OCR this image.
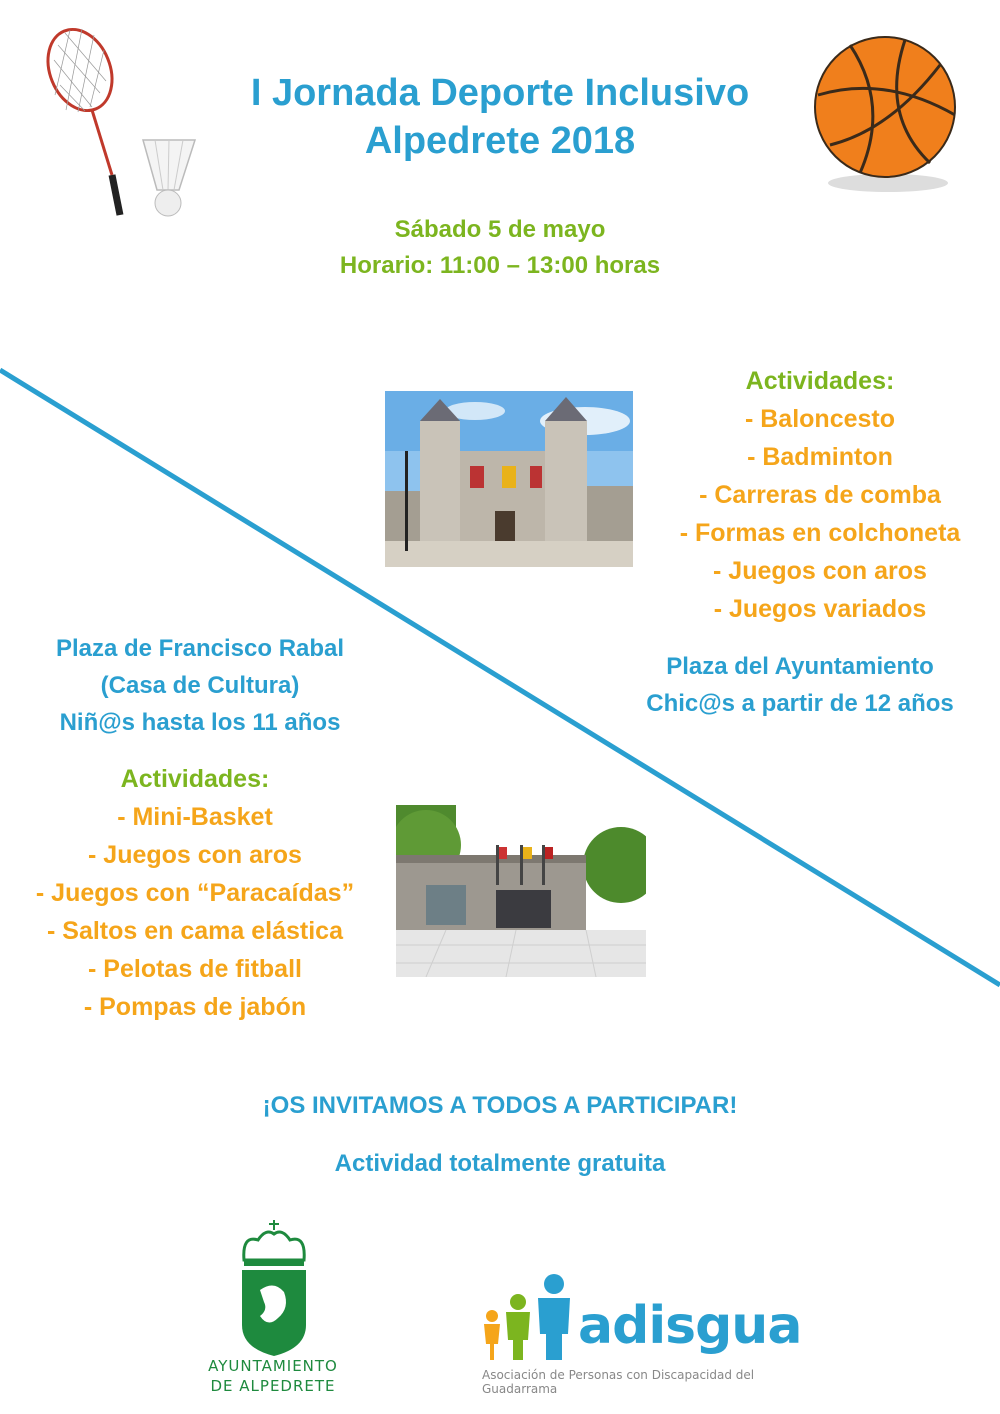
I Jornada Deporte Inclusivo
Alpedrete 2018
Sábado 5 de mayo
Horario: 11:00 – 13:00 horas
Actividades:
- Baloncesto
- Badminton
- Carreras de comba
- Formas en colchoneta
- Juegos con aros
- Juegos variados
Plaza del Ayuntamiento
Chic@s a partir de 12 años
Plaza de Francisco Rabal
(Casa de Cultura)
Niñ@s hasta los 11 años
Actividades:
- Mini-Basket
- Juegos con aros
- Juegos con “Paracaídas”
- Saltos en cama elástica
- Pelotas de fitball
- Pompas de jabón
¡OS INVITAMOS A TODOS A PARTICIPAR!
Actividad totalmente gratuita
AYUNTAMIENTO
DE ALPEDRETE
adisgua
Asociación de Personas con Discapacidad del Guadarrama
